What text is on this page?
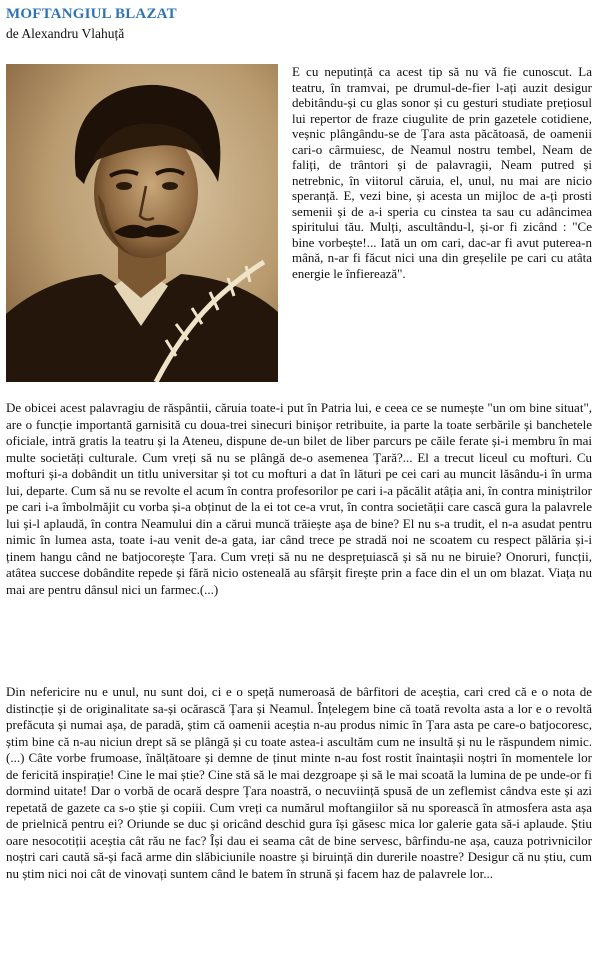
MOFTANGIUL BLAZAT
de Alexandru Vlahuță
E cu neputință ca acest tip să nu vă fie cunoscut. La teatru, în tramvai, pe drumul-de-fier l-ați auzit desigur debitându-și cu glas sonor și cu gesturi studiate prețiosul lui repertor de fraze ciugulite de prin gazetele cotidiene, veșnic plângându-se de Țara asta păcătoasă, de oamenii cari-o cârmuiesc, de Neamul nostru tembel, Neam de faliți, de trântori și de palavragii, Neam putred și netrebnic, în viitorul căruia, el, unul, nu mai are nicio speranță. E, vezi bine, și acesta un mijloc de a-ți prosti semenii și de a-i speria cu cinstea ta sau cu adâncimea spiritului tău. Mulți, ascultându-l, și-or fi zicând : "Ce bine vorbește!... Iată un om cari, dac-ar fi avut puterea-n mână, n-ar fi făcut nici una din greșelile pe cari cu atâta energie le înfierează".

De obicei acest palavragiu de răspântii, căruia toate-i put în Patria lui, e ceea ce se numește "un om bine situat", are o funcție importantă garnisită cu doua-trei sinecuri binișor retribuite, ia parte la toate serbările și banchetele oficiale, intră gratis la teatru și la Ateneu, dispune de-un bilet de liber parcurs pe căile ferate și-i membru în mai multe societăți culturale. Cum vreți să nu se plângă de-o asemenea Țară?... El a trecut liceul cu mofturi. Cu mofturi și-a dobândit un titlu universitar și tot cu mofturi a dat în lături pe cei cari au muncit lăsându-i în urma lui, departe. Cum să nu se revolte el acum în contra profesorilor pe cari i-a păcălit atâția ani, în contra miniștrilor pe cari i-a îmbolmăjit cu vorba și-a obținut de la ei tot ce-a vrut, în contra societății care cască gura la palavrele lui și-l aplaudă, în contra Neamului din a cărui muncă trăiește așa de bine? El nu s-a trudit, el n-a asudat pentru nimic în lumea asta, toate i-au venit de-a gata, iar când trece pe stradă noi ne scoatem cu respect pălăria și-i ținem hangu când ne batjocorește Țara. Cum vreți să nu ne desprețuiască și să nu ne biruie? Onoruri, funcții, atâtea succese dobândite repede și fără nicio osteneală au sfârșit firește prin a face din el un om blazat. Viața nu mai are pentru dânsul nici un farmec.(...)

Din nefericire nu e unul, nu sunt doi, ci e o speță numeroasă de bârfitori de aceștia, cari cred că e o nota de distincție și de originalitate sa-și ocărască Țara și Neamul. Înțelegem bine că toată revolta asta a lor e o revoltă prefăcuta și numai așa, de paradă, știm că oamenii aceștia n-au produs nimic în Țara asta pe care-o batjocoresc, știm bine că n-au niciun drept să se plângă și cu toate astea-i ascultăm cum ne insultă și nu le răspundem nimic.(...) Câte vorbe frumoase, înălțătoare și demne de ținut minte n-au fost rostit înaintașii noștri în momentele lor de fericită inspirație! Cine le mai știe? Cine stă să le mai dezgroape și să le mai scoată la lumina de pe unde-or fi dormind uitate! Dar o vorbă de ocară despre Țara noastră, o necuviință spusă de un zeflemist cândva este și azi repetată de gazete ca s-o știe și copiii. Cum vreți ca numărul moftangiilor să nu sporească în atmosfera asta așa de prielnică pentru ei? Oriunde se duc și oricând deschid gura își găsesc mica lor galerie gata să-i aplaude. Știu oare nesocotiții aceștia cât rău ne fac? Își dau ei seama cât de bine servesc, bârfindu-ne așa, cauza potrivnicilor noștri cari caută să-și facă arme din slăbiciunile noastre și biruință din durerile noastre? Desigur că nu știu, cum nu știm nici noi cât de vinovați suntem când le batem în strună și facem haz de palavrele lor...
